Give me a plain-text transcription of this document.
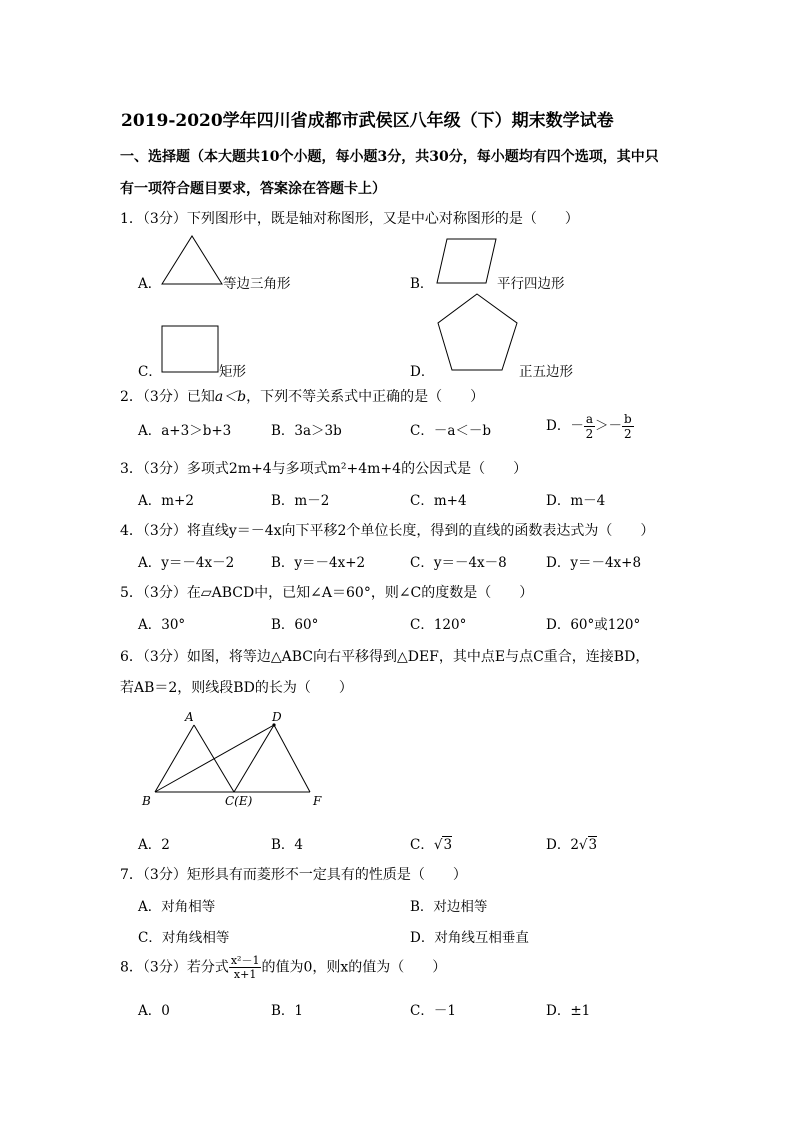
2019-2020学年四川省成都市武侯区八年级（下）期末数学试卷
一、选择题（本大题共10个小题，每小题3分，共30分，每小题均有四个选项，其中只
有一项符合题目要求，答案涂在答题卡上）
1．（3分）下列图形中，既是轴对称图形，又是中心对称图形的是（　　）
A．	等边三角形	B．	平行四边形
C．	矩形	D．	正五边形
2．（3分）已知a＜b，下列不等关系式中正确的是（　　）
A．a+3＞b+3	B．3a＞3b	C．－a＜－b	D．－ $\frac{a}{2} >- \frac{b}{2}$
3．（3分）多项式2m+4与多项式m²+4m+4的公因式是（　　）
A．m+2	B．m－2	C．m+4	D．m－4
4．（3分）将直线y＝－4x向下平移2个单位长度，得到的直线的函数表达式为（　　）
A．y＝－4x－2	B．y＝－4x+2	C．y＝－4x－8	D．y＝－4x+8
5．（3分）在▱ABCD中，已知∠A＝60°，则∠C的度数是（　　）
A．30°	B．60°	C．120°	D．60°或120°
6．（3分）如图，将等边△ABC向右平移得到△DEF，其中点E与点C重合，连接BD，
若AB＝2，则线段BD的长为（　　）
A	D
B	C(E)	F
A．2	B．4	C．√3	D．2√3
7．（3分）矩形具有而菱形不一定具有的性质是（　　）
A．对角相等	B．对边相等
C．对角线相等	D．对角线互相垂直
8．（3分）若分式 $\frac{\text{x²－1}}{x+1}$ 的值为0，则x的值为（　　）
A．0	B．1	C．－1	D．±1
